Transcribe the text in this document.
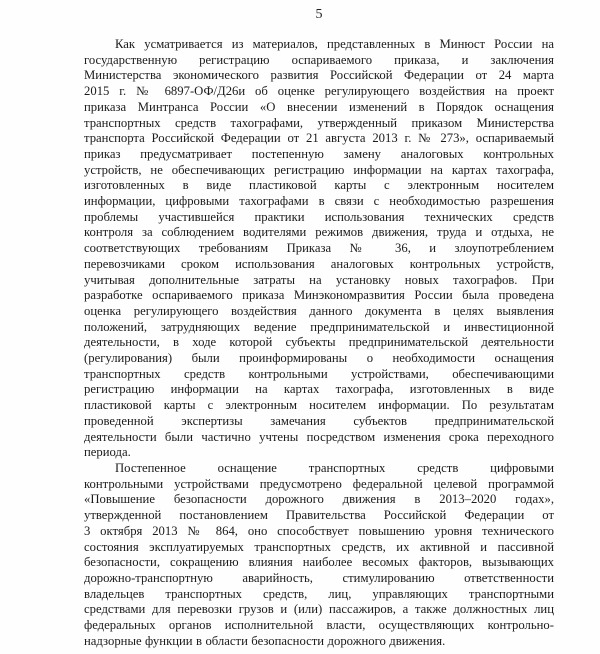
5
Как усматривается из материалов, представленных в Минюст России на
государственную регистрацию оспариваемого приказа, и заключения
Министерства экономического развития Российской Федерации от 24 марта
2015 г. № 6897-ОФ/Д26и об оценке регулирующего воздействия на проект
приказа Минтранса России «О внесении изменений в Порядок оснащения
транспортных средств тахографами, утвержденный приказом Министерства
транспорта Российской Федерации от 21 августа 2013 г. № 273», оспариваемый
приказ предусматривает постепенную замену аналоговых контрольных
устройств, не обеспечивающих регистрацию информации на картах тахографа,
изготовленных в виде пластиковой карты с электронным носителем
информации, цифровыми тахографами в связи с необходимостью разрешения
проблемы участившейся практики использования технических средств
контроля за соблюдением водителями режимов движения, труда и отдыха, не
соответствующих требованиям Приказа № 36, и злоупотреблением
перевозчиками сроком использования аналоговых контрольных устройств,
учитывая дополнительные затраты на установку новых тахографов. При
разработке оспариваемого приказа Минэкономразвития России была проведена
оценка регулирующего воздействия данного документа в целях выявления
положений, затрудняющих ведение предпринимательской и инвестиционной
деятельности, в ходе которой субъекты предпринимательской деятельности
(регулирования) были проинформированы о необходимости оснащения
транспортных средств контрольными устройствами, обеспечивающими
регистрацию информации на картах тахографа, изготовленных в виде
пластиковой карты с электронным носителем информации. По результатам
проведенной экспертизы замечания субъектов предпринимательской
деятельности были частично учтены посредством изменения срока переходного
периода.
Постепенное оснащение транспортных средств цифровыми
контрольными устройствами предусмотрено федеральной целевой программой
«Повышение безопасности дорожного движения в 2013–2020 годах»,
утвержденной постановлением Правительства Российской Федерации от
3 октября 2013 № 864, оно способствует повышению уровня технического
состояния эксплуатируемых транспортных средств, их активной и пассивной
безопасности, сокращению влияния наиболее весомых факторов, вызывающих
дорожно-транспортную аварийность, стимулированию ответственности
владельцев транспортных средств, лиц, управляющих транспортными
средствами для перевозки грузов и (или) пассажиров, а также должностных лиц
федеральных органов исполнительной власти, осуществляющих контрольно-
надзорные функции в области безопасности дорожного движения.
